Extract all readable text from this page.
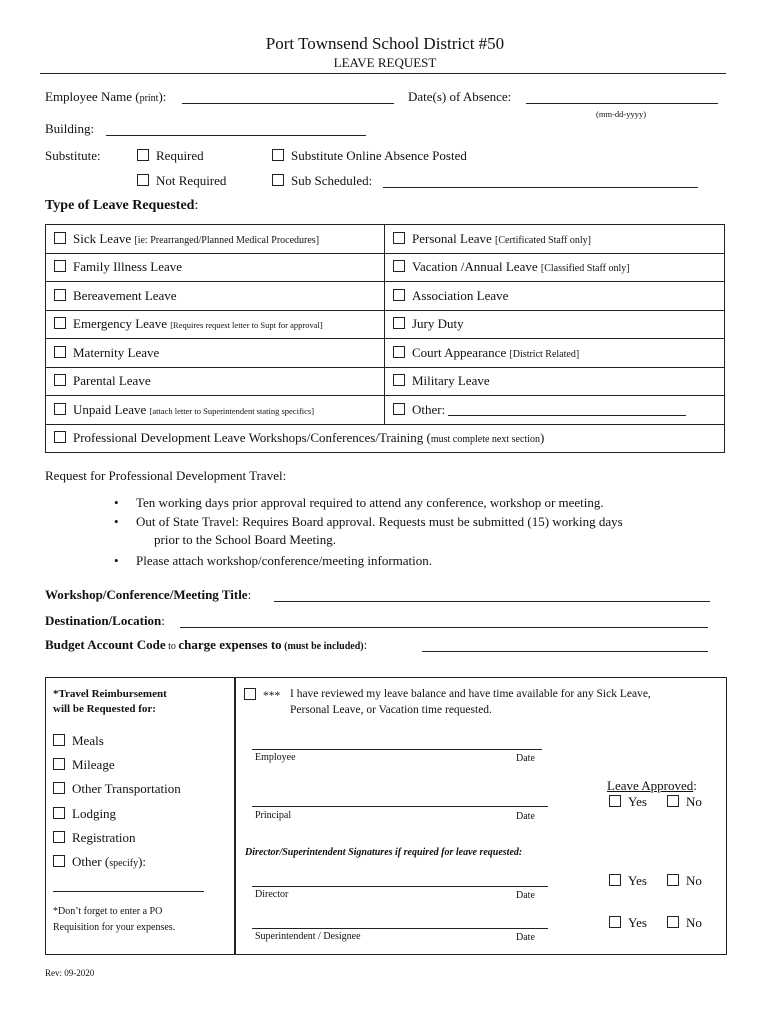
Port Townsend School District #50
LEAVE REQUEST
Employee Name (print):	Date(s) of Absence:
(mm-dd-yyyy)
Building:
Substitute:	Required	Substitute Online Absence Posted
Not Required	Sub Scheduled:
Type of Leave Requested:
Sick Leave [ie: Prearranged/Planned Medical Procedures]	Personal Leave [Certificated Staff only]
Family Illness Leave	Vacation /Annual Leave [Classified Staff only]
Bereavement Leave	Association Leave
Emergency Leave [Requires request letter to Supt for approval]	Jury Duty
Maternity Leave	Court Appearance [District Related]
Parental Leave	Military Leave
Unpaid Leave [attach letter to Superintendent stating specifics]	Other:
Professional Development Leave Workshops/Conferences/Training (must complete next section)	
Request for Professional Development Travel:
• Ten working days prior approval required to attend any conference, workshop or meeting.
• Out of State Travel: Requires Board approval. Requests must be submitted (15) working days
prior to the School Board Meeting.
• Please attach workshop/conference/meeting information.
Workshop/Conference/Meeting Title:
Destination/Location:
Budget Account Code to charge expenses to (must be included):
*Travel Reimbursement
will be Requested for:
Meals
Mileage
Other Transportation
Lodging
Registration
Other (specify):
*Don’t forget to enter a PO
Requisition for your expenses.
*** I have reviewed my leave balance and have time available for any Sick Leave,
Personal Leave, or Vacation time requested.
Employee	Date
Leave Approved:
Yes	No
Principal	Date
Director/Superintendent Signatures if required for leave requested:
Yes	No
Director	Date
Yes	No
Superintendent / Designee	Date
Rev: 09-2020
